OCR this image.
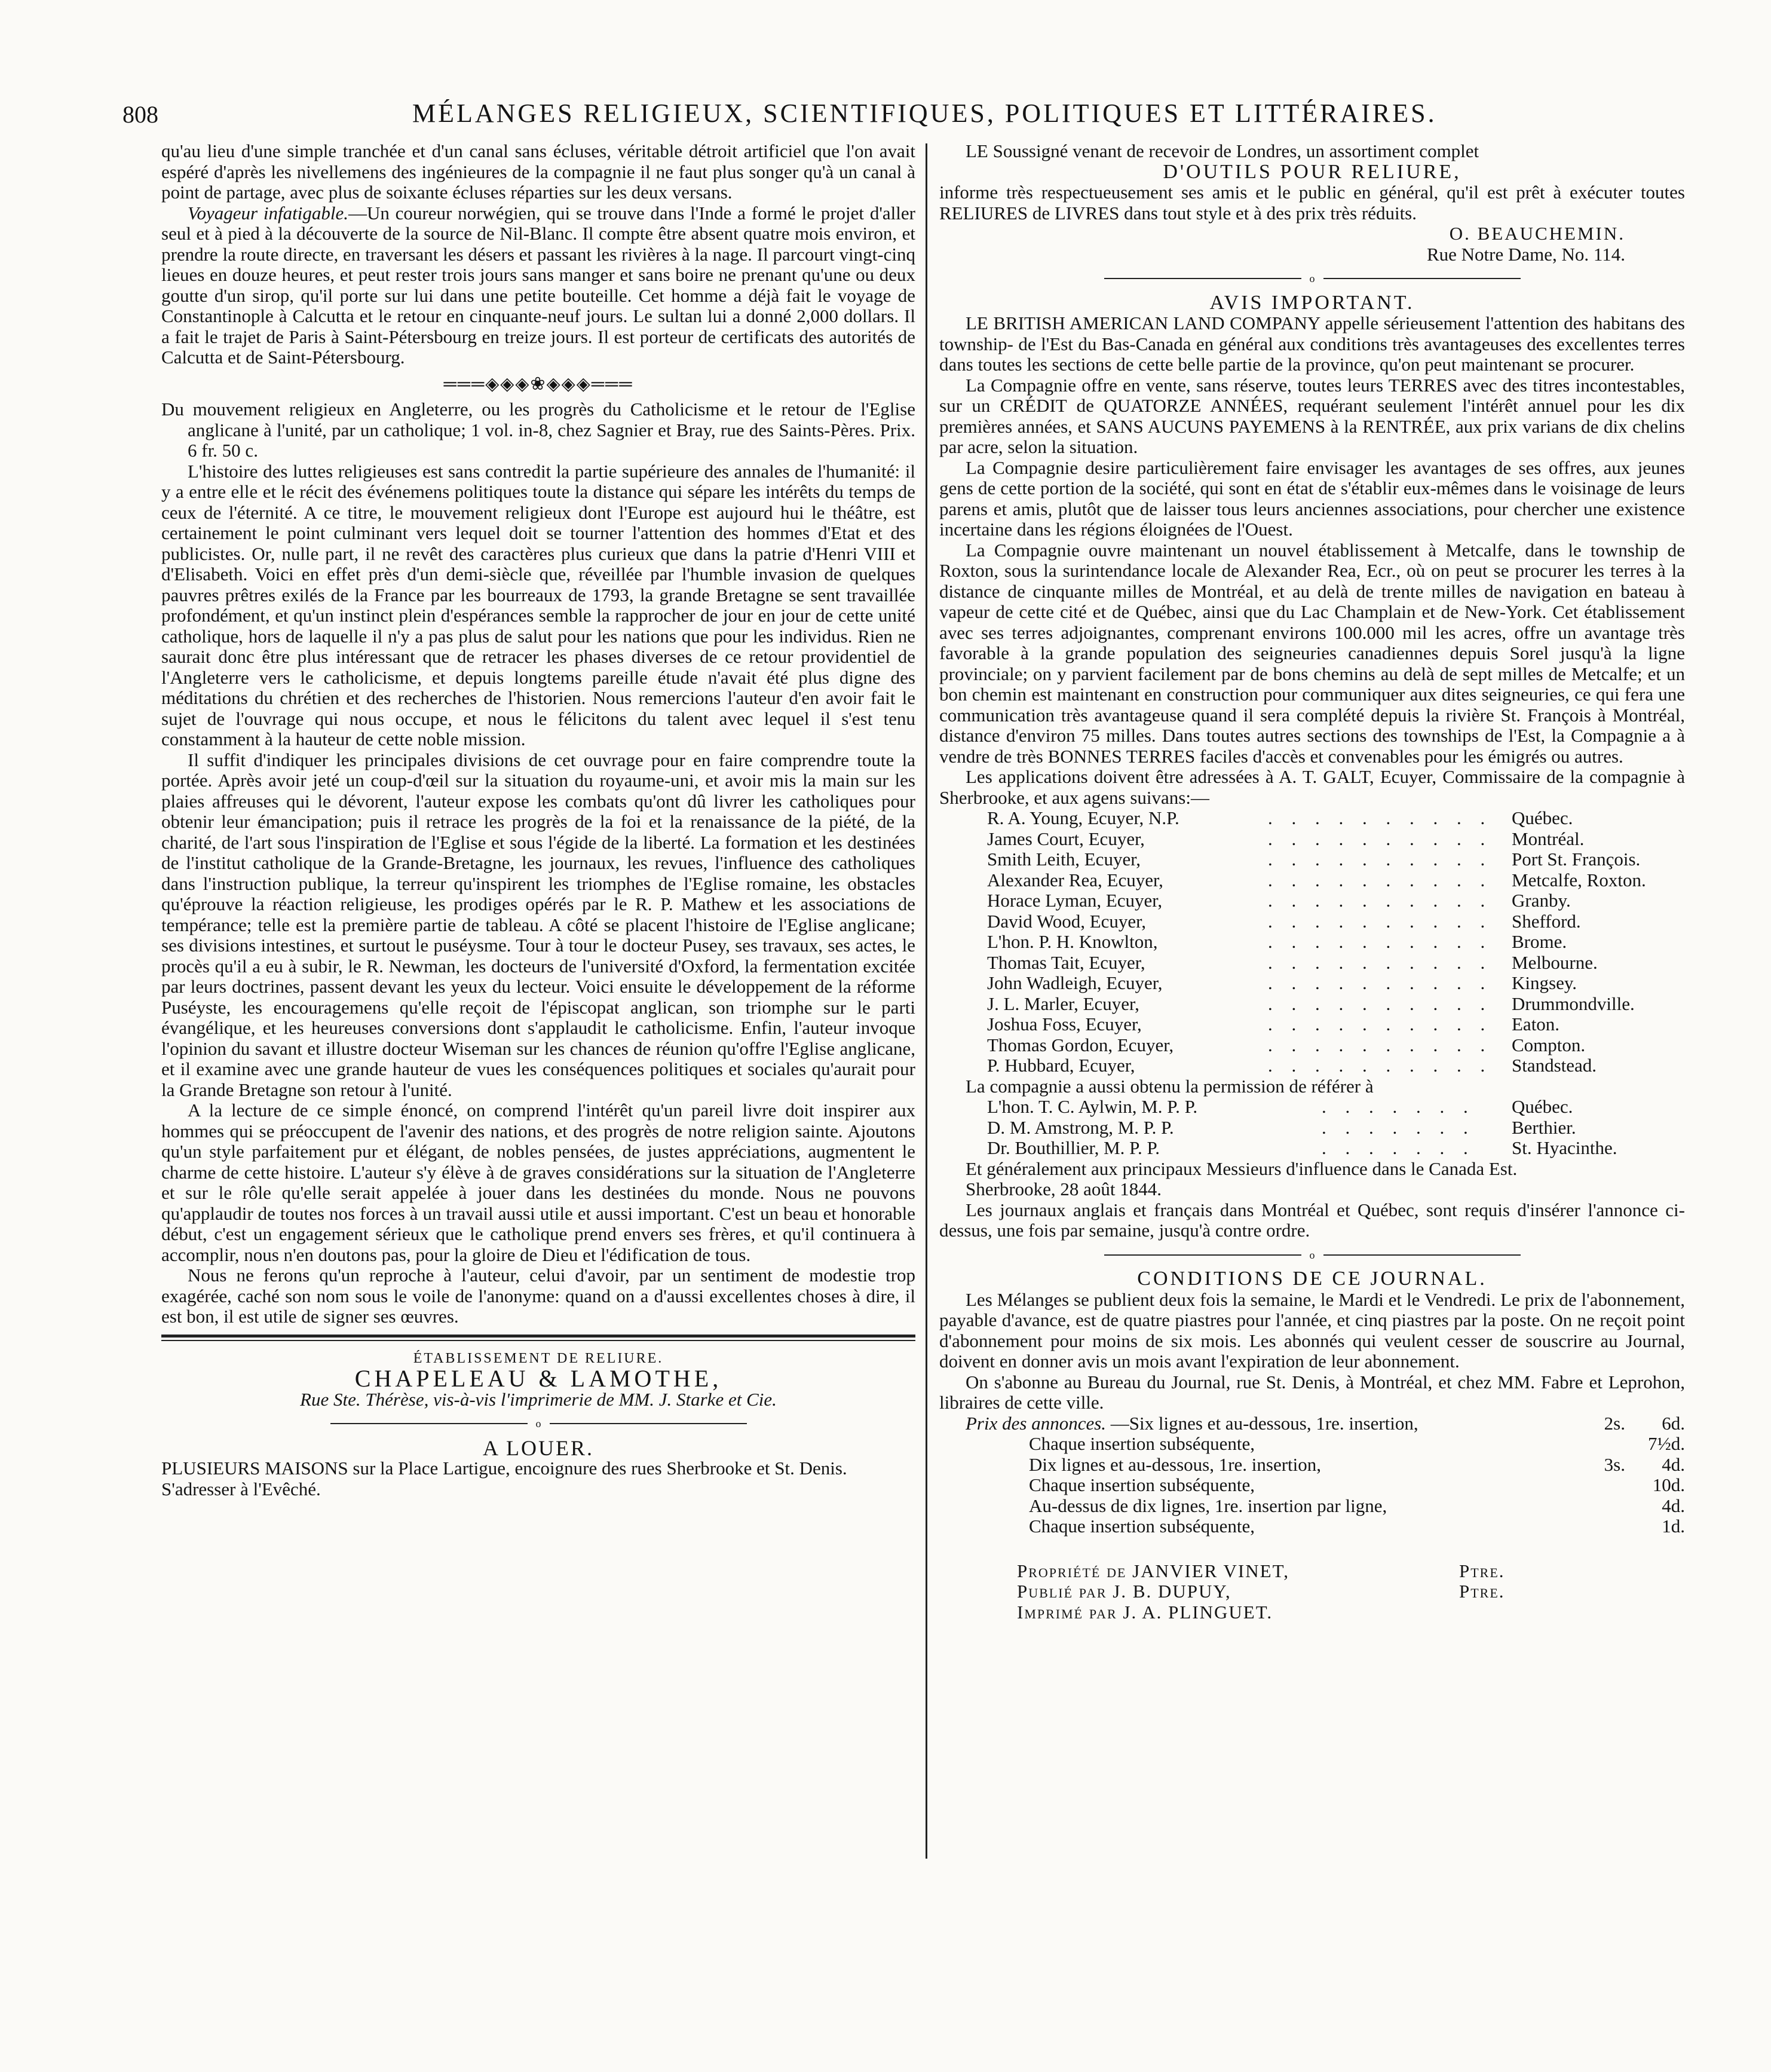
808	MÉLANGES RELIGIEUX, SCIENTIFIQUES, POLITIQUES ET LITTÉRAIRES.

qu'au lieu d'une simple tranchée et d'un canal sans écluses, véritable détroit artificiel que l'on avait espéré d'après les nivellemens des ingénieures de la compagnie il ne faut plus songer qu'à un canal à point de partage, avec plus de soixante écluses réparties sur les deux versans.

Voyageur infatigable.—Un coureur norwégien, qui se trouve dans l'Inde a formé le projet d'aller seul et à pied à la découverte de la source de Nil-Blanc. Il compte être absent quatre mois environ, et prendre la route directe, en traversant les désers et passant les rivières à la nage. Il parcourt vingt-cinq lieues en douze heures, et peut rester trois jours sans manger et sans boire ne prenant qu'une ou deux goutte d'un sirop, qu'il porte sur lui dans une petite bouteille. Cet homme a déjà fait le voyage de Constantinople à Calcutta et le retour en cinquante-neuf jours. Le sultan lui a donné 2,000 dollars. Il a fait le trajet de Paris à Saint-Pétersbourg en treize jours. Il est porteur de certificats des autorités de Calcutta et de Saint-Pétersbourg.

═══◈◈◈❀◈◈◈═══

Du mouvement religieux en Angleterre, ou les progrès du Catholicisme et le retour de l'Eglise anglicane à l'unité, par un catholique; 1 vol. in-8, chez Sagnier et Bray, rue des Saints-Pères. Prix. 6 fr. 50 c.

L'histoire des luttes religieuses est sans contredit la partie supérieure des annales de l'humanité: il y a entre elle et le récit des événemens politiques toute la distance qui sépare les intérêts du temps de ceux de l'éternité. A ce titre, le mouvement religieux dont l'Europe est aujourd hui le théâtre, est certainement le point culminant vers lequel doit se tourner l'attention des hommes d'Etat et des publicistes. Or, nulle part, il ne revêt des caractères plus curieux que dans la patrie d'Henri VIII et d'Elisabeth. Voici en effet près d'un demi-siècle que, réveillée par l'humble invasion de quelques pauvres prêtres exilés de la France par les bourreaux de 1793, la grande Bretagne se sent travaillée profondément, et qu'un instinct plein d'espérances semble la rapprocher de jour en jour de cette unité catholique, hors de laquelle il n'y a pas plus de salut pour les nations que pour les individus. Rien ne saurait donc être plus intéressant que de retracer les phases diverses de ce retour providentiel de l'Angleterre vers le catholicisme, et depuis longtems pareille étude n'avait été plus digne des méditations du chrétien et des recherches de l'historien. Nous remercions l'auteur d'en avoir fait le sujet de l'ouvrage qui nous occupe, et nous le félicitons du talent avec lequel il s'est tenu constamment à la hauteur de cette noble mission.

Il suffit d'indiquer les principales divisions de cet ouvrage pour en faire comprendre toute la portée. Après avoir jeté un coup-d'œil sur la situation du royaume-uni, et avoir mis la main sur les plaies affreuses qui le dévorent, l'auteur expose les combats qu'ont dû livrer les catholiques pour obtenir leur émancipation; puis il retrace les progrès de la foi et la renaissance de la piété, de la charité, de l'art sous l'inspiration de l'Eglise et sous l'égide de la liberté. La formation et les destinées de l'institut catholique de la Grande-Bretagne, les journaux, les revues, l'influence des catholiques dans l'instruction publique, la terreur qu'inspirent les triomphes de l'Eglise romaine, les obstacles qu'éprouve la réaction religieuse, les prodiges opérés par le R. P. Mathew et les associations de tempérance; telle est la première partie de tableau. A côté se placent l'histoire de l'Eglise anglicane; ses divisions intestines, et surtout le puséysme. Tour à tour le docteur Pusey, ses travaux, ses actes, le procès qu'il a eu à subir, le R. Newman, les docteurs de l'université d'Oxford, la fermentation excitée par leurs doctrines, passent devant les yeux du lecteur. Voici ensuite le développement de la réforme Puséyste, les encouragemens qu'elle reçoit de l'épiscopat anglican, son triomphe sur le parti évangélique, et les heureuses conversions dont s'applaudit le catholicisme. Enfin, l'auteur invoque l'opinion du savant et illustre docteur Wiseman sur les chances de réunion qu'offre l'Eglise anglicane, et il examine avec une grande hauteur de vues les conséquences politiques et sociales qu'aurait pour la Grande Bretagne son retour à l'unité.

A la lecture de ce simple énoncé, on comprend l'intérêt qu'un pareil livre doit inspirer aux hommes qui se préoccupent de l'avenir des nations, et des progrès de notre religion sainte. Ajoutons qu'un style parfaitement pur et élégant, de nobles pensées, de justes appréciations, augmentent le charme de cette histoire. L'auteur s'y élève à de graves considérations sur la situation de l'Angleterre et sur le rôle qu'elle serait appelée à jouer dans les destinées du monde. Nous ne pouvons qu'applaudir de toutes nos forces à un travail aussi utile et aussi important. C'est un beau et honorable début, c'est un engagement sérieux que le catholique prend envers ses frères, et qu'il continuera à accomplir, nous n'en doutons pas, pour la gloire de Dieu et l'édification de tous.

Nous ne ferons qu'un reproche à l'auteur, celui d'avoir, par un sentiment de modestie trop exagérée, caché son nom sous le voile de l'anonyme: quand on a d'aussi excellentes choses à dire, il est bon, il est utile de signer ses œuvres.

ÉTABLISSEMENT DE RELIURE.

CHAPELEAU & LAMOTHE,

Rue Ste. Thérèse, vis-à-vis l'imprimerie de MM. J. Starke et Cie.

o

A LOUER.

PLUSIEURS MAISONS sur la Place Lartigue, encoignure des rues Sherbrooke et St. Denis.

S'adresser à l'Evêché.

LE Soussigné venant de recevoir de Londres, un assortiment complet

D'OUTILS POUR RELIURE,

informe très respectueusement ses amis et le public en général, qu'il est prêt à exécuter toutes RELIURES de LIVRES dans tout style et à des prix très réduits.

O. BEAUCHEMIN.

Rue Notre Dame, No. 114.

o

AVIS IMPORTANT.

LE BRITISH AMERICAN LAND COMPANY appelle sérieusement l'attention des habitans des township- de l'Est du Bas-Canada en général aux conditions très avantageuses des excellentes terres dans toutes les sections de cette belle partie de la province, qu'on peut maintenant se procurer.

La Compagnie offre en vente, sans réserve, toutes leurs TERRES avec des titres incontestables, sur un CRÉDIT de QUATORZE ANNÉES, requérant seulement l'intérêt annuel pour les dix premières années, et SANS AUCUNS PAYEMENS à la RENTRÉE, aux prix varians de dix chelins par acre, selon la situation.

La Compagnie desire particulièrement faire envisager les avantages de ses offres, aux jeunes gens de cette portion de la société, qui sont en état de s'établir eux-mêmes dans le voisinage de leurs parens et amis, plutôt que de laisser tous leurs anciennes associations, pour chercher une existence incertaine dans les régions éloignées de l'Ouest.

La Compagnie ouvre maintenant un nouvel établissement à Metcalfe, dans le township de Roxton, sous la surintendance locale de Alexander Rea, Ecr., où on peut se procurer les terres à la distance de cinquante milles de Montréal, et au delà de trente milles de navigation en bateau à vapeur de cette cité et de Québec, ainsi que du Lac Champlain et de New-York. Cet établissement avec ses terres adjoignantes, comprenant environs 100.000 mil les acres, offre un avantage très favorable à la grande population des seigneuries canadiennes depuis Sorel jusqu'à la ligne provinciale; on y parvient facilement par de bons chemins au delà de sept milles de Metcalfe; et un bon chemin est maintenant en construction pour communiquer aux dites seigneuries, ce qui fera une communication très avantageuse quand il sera complété depuis la rivière St. François à Montréal, distance d'environ 75 milles. Dans toutes autres sections des townships de l'Est, la Compagnie a à vendre de très BONNES TERRES faciles d'accès et convenables pour les émigrés ou autres.

Les applications doivent être adressées à A. T. GALT, Ecuyer, Commissaire de la compagnie à Sherbrooke, et aux agens suivans:—

R. A. Young, Ecuyer, N.P.	. . . . . . . . . .	Québec.
James Court, Ecuyer,	. . . . . . . . . .	Montréal.
Smith Leith, Ecuyer,	. . . . . . . . . .	Port St. François.
Alexander Rea, Ecuyer,	. . . . . . . . . .	Metcalfe, Roxton.
Horace Lyman, Ecuyer,	. . . . . . . . . .	Granby.
David Wood, Ecuyer,	. . . . . . . . . .	Shefford.
L'hon. P. H. Knowlton,	. . . . . . . . . .	Brome.
Thomas Tait, Ecuyer,	. . . . . . . . . .	Melbourne.
John Wadleigh, Ecuyer,	. . . . . . . . . .	Kingsey.
J. L. Marler, Ecuyer,	. . . . . . . . . .	Drummondville.
Joshua Foss, Ecuyer,	. . . . . . . . . .	Eaton.
Thomas Gordon, Ecuyer,	. . . . . . . . . .	Compton.
P. Hubbard, Ecuyer,	. . . . . . . . . .	Standstead.

La compagnie a aussi obtenu la permission de référer à

L'hon. T. C. Aylwin, M. P. P.	. . . . . . .	Québec.
D. M. Amstrong, M. P. P.	. . . . . . .	Berthier.
Dr. Bouthillier, M. P. P.	. . . . . . .	St. Hyacinthe.

Et généralement aux principaux Messieurs d'influence dans le Canada Est.

Sherbrooke, 28 août 1844.

Les journaux anglais et français dans Montréal et Québec, sont requis d'insérer l'annonce ci-dessus, une fois par semaine, jusqu'à contre ordre.

o

CONDITIONS DE CE JOURNAL.

Les Mélanges se publient deux fois la semaine, le Mardi et le Vendredi. Le prix de l'abonnement, payable d'avance, est de quatre piastres pour l'année, et cinq piastres par la poste. On ne reçoit point d'abonnement pour moins de six mois. Les abonnés qui veulent cesser de souscrire au Journal, doivent en donner avis un mois avant l'expiration de leur abonnement.

On s'abonne au Bureau du Journal, rue St. Denis, à Montréal, et chez MM. Fabre et Leprohon, libraires de cette ville.

Prix des annonces. —Six lignes et au-dessous, 1re. insertion,	2s.	6d.
Chaque insertion subséquente,	7½d.
Dix lignes et au-dessous, 1re. insertion,	3s.	4d.
Chaque insertion subséquente,	10d.
Au-dessus de dix lignes, 1re. insertion par ligne,	4d.
Chaque insertion subséquente,	1d.
Propriété de JANVIER VINET,	Ptre.
Publié par J. B. DUPUY,	Ptre.
Imprimé par J. A. PLINGUET.
